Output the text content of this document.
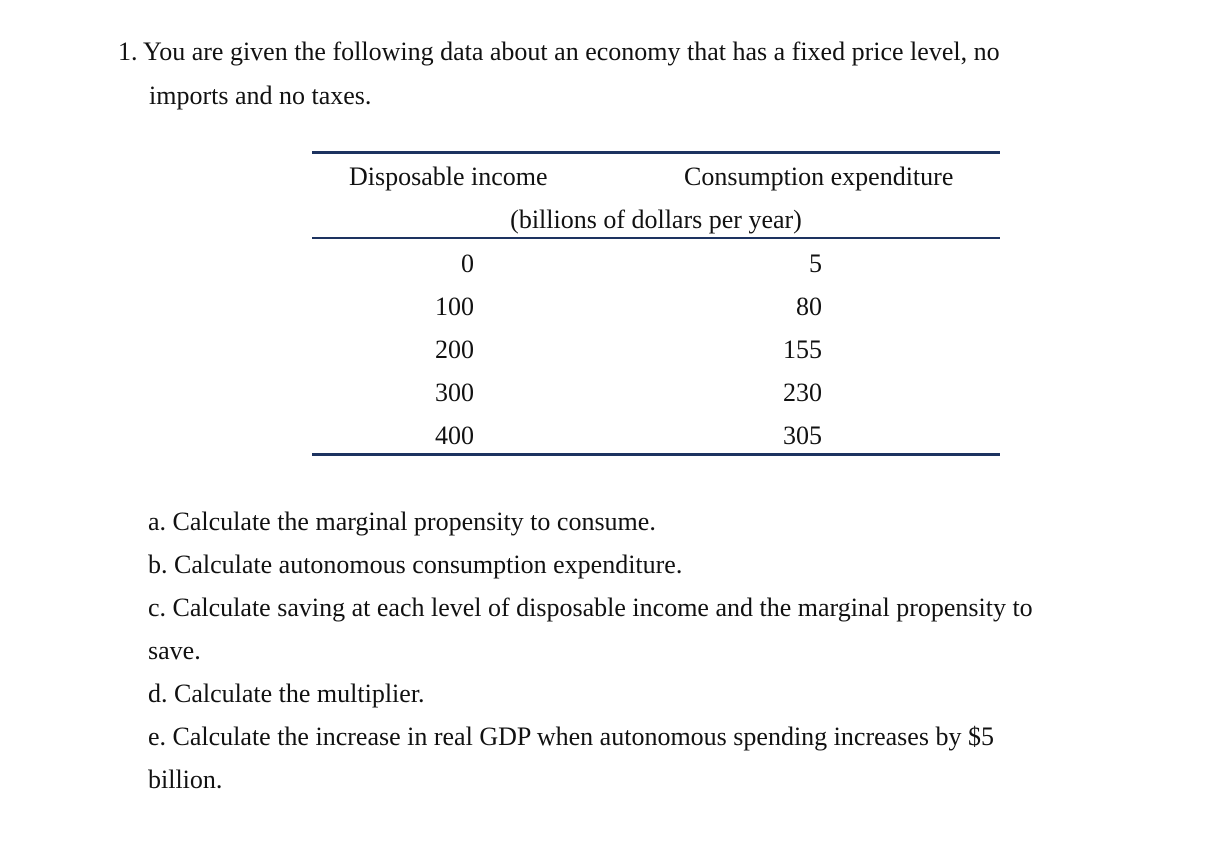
1. You are given the following data about an economy that has a fixed price level, no
imports and no taxes.
Disposable income	Consumption expenditure
(billions of dollars per year)
0	5
100	80
200	155
300	230
400	305

a. Calculate the marginal propensity to consume.

b. Calculate autonomous consumption expenditure.

c. Calculate saving at each level of disposable income and the marginal propensity to

save.

d. Calculate the multiplier.

e. Calculate the increase in real GDP when autonomous spending increases by $5

billion.
